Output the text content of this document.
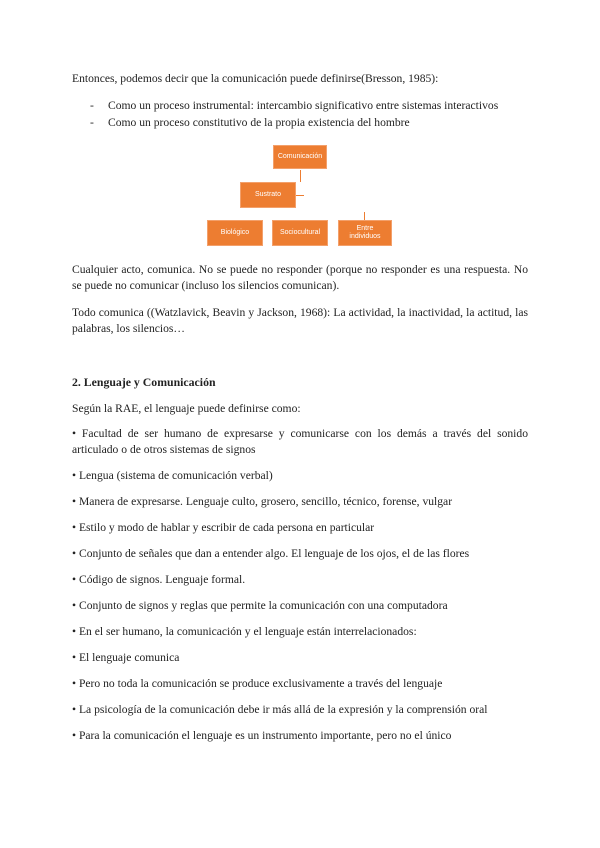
Entonces, podemos decir que la comunicación puede definirse(Bresson, 1985):

- Como un proceso instrumental: intercambio significativo entre sistemas interactivos
- Como un proceso constitutivo de la propia existencia del hombre
Comunicación
Sustrato
Biológico	Sociocultural
Entre individuos

Cualquier acto, comunica. No se puede no responder (porque no responder es una respuesta. No se puede no comunicar (incluso los silencios comunican).

Todo comunica ((Watzlavick, Beavin y Jackson, 1968): La actividad, la inactividad, la actitud, las palabras, los silencios…

2. Lenguaje y Comunicación

Según la RAE, el lenguaje puede definirse como:

• Facultad de ser humano de expresarse y comunicarse con los demás a través del sonido articulado o de otros sistemas de signos

• Lengua (sistema de comunicación verbal)

• Manera de expresarse. Lenguaje culto, grosero, sencillo, técnico, forense, vulgar

• Estilo y modo de hablar y escribir de cada persona en particular

• Conjunto de señales que dan a entender algo. El lenguaje de los ojos, el de las flores

• Código de signos. Lenguaje formal.

• Conjunto de signos y reglas que permite la comunicación con una computadora

• En el ser humano, la comunicación y el lenguaje están interrelacionados:

• El lenguaje comunica

• Pero no toda la comunicación se produce exclusivamente a través del lenguaje

• La psicología de la comunicación debe ir más allá de la expresión y la comprensión oral

• Para la comunicación el lenguaje es un instrumento importante, pero no el único
